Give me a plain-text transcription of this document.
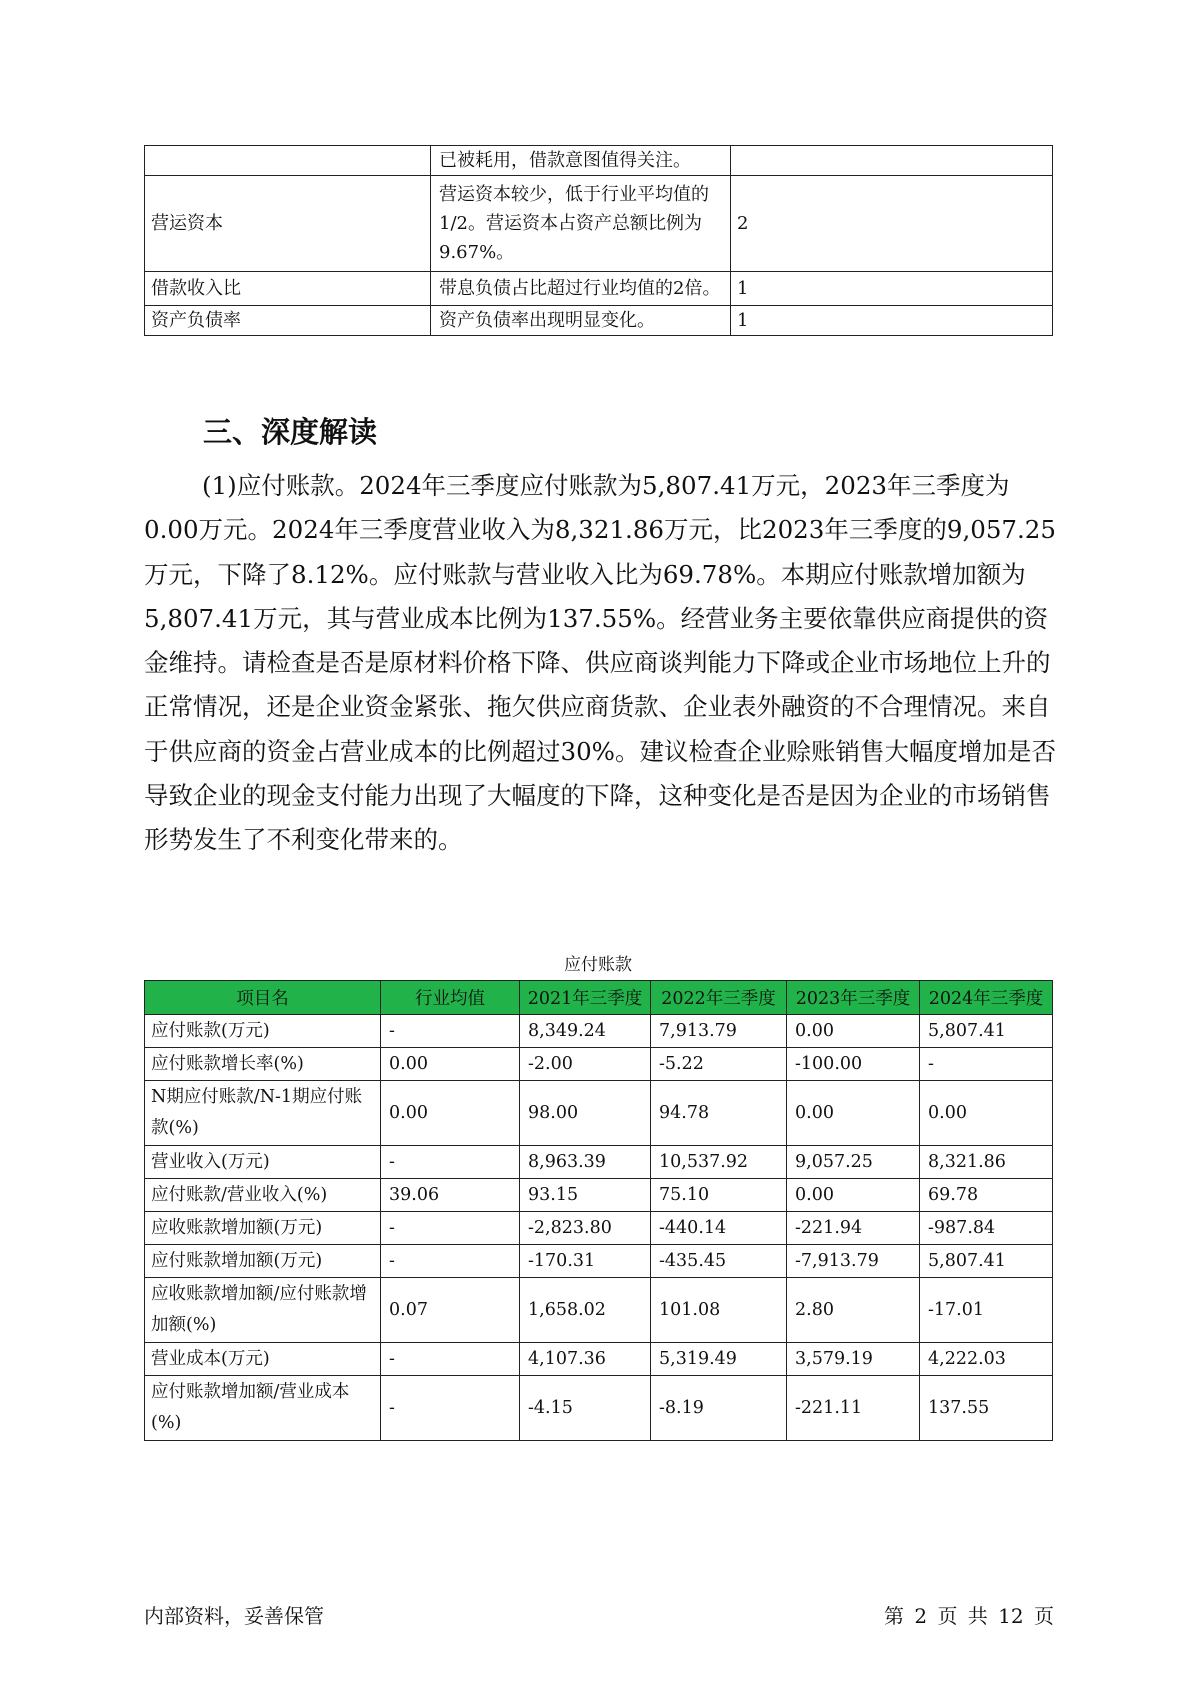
	已被耗用，借款意图值得关注。	
营运资本	营运资本较少，低于行业平均值的1/2。营运资本占资产总额比例为9.67%。	2
借款收入比	带息负债占比超过行业均值的2倍。	1
资产负债率	资产负债率出现明显变化。	1
三、深度解读

(1)应付账款。2024年三季度应付账款为5,807.41万元，2023年三季度为0.00万元。2024年三季度营业收入为8,321.86万元，比2023年三季度的9,057.25万元，下降了8.12%。应付账款与营业收入比为69.78%。本期应付账款增加额为5,807.41万元，其与营业成本比例为137.55%。经营业务主要依靠供应商提供的资金维持。请检查是否是原材料价格下降、供应商谈判能力下降或企业市场地位上升的正常情况，还是企业资金紧张、拖欠供应商货款、企业表外融资的不合理情况。来自于供应商的资金占营业成本的比例超过30%。建议检查企业赊账销售大幅度增加是否导致企业的现金支付能力出现了大幅度的下降，这种变化是否是因为企业的市场销售形势发生了不利变化带来的。

应付账款
项目名	行业均值	2021年三季度	2022年三季度	2023年三季度	2024年三季度
应付账款(万元)	-	8,349.24	7,913.79	0.00	5,807.41
应付账款增长率(%)	0.00	-2.00	-5.22	-100.00	-
N期应付账款/N-1期应付账款(%)	0.00	98.00	94.78	0.00	0.00
营业收入(万元)	-	8,963.39	10,537.92	9,057.25	8,321.86
应付账款/营业收入(%)	39.06	93.15	75.10	0.00	69.78
应收账款增加额(万元)	-	-2,823.80	-440.14	-221.94	-987.84
应付账款增加额(万元)	-	-170.31	-435.45	-7,913.79	5,807.41
应收账款增加额/应付账款增加额(%)	0.07	1,658.02	101.08	2.80	-17.01
营业成本(万元)	-	4,107.36	5,319.49	3,579.19	4,222.03
应付账款增加额/营业成本(%)	-	-4.15	-8.19	-221.11	137.55
内部资料，妥善保管	第 2 页 共 12 页
